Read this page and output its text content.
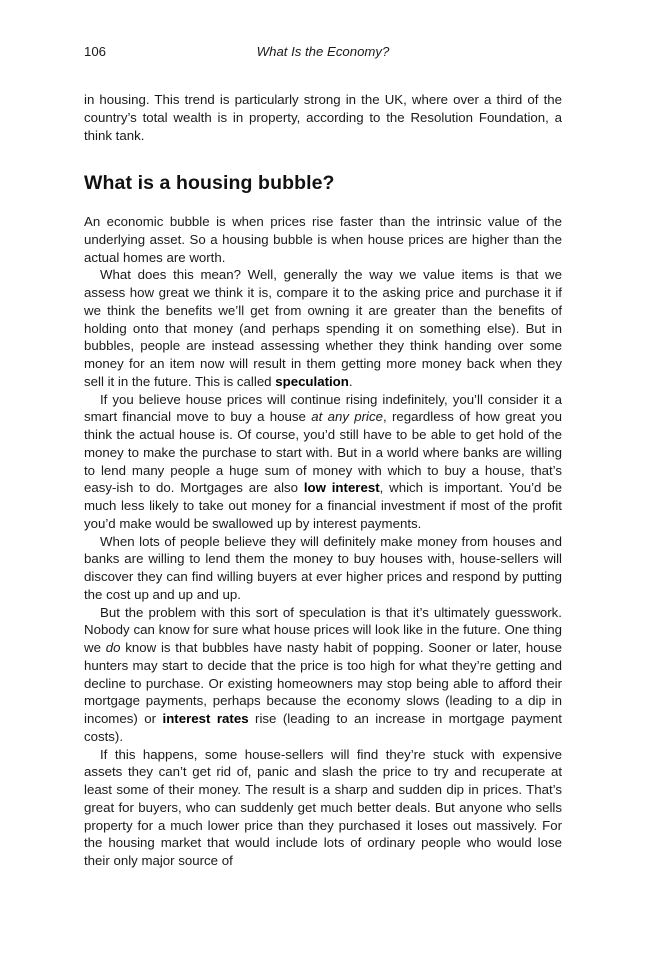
106	What Is the Economy?

in housing. This trend is particularly strong in the UK, where over a third of the country’s total wealth is in property, according to the Resolution Foundation, a think tank.

What is a housing bubble?

An economic bubble is when prices rise faster than the intrinsic value of the underlying asset. So a housing bubble is when house prices are higher than the actual homes are worth.

What does this mean? Well, generally the way we value items is that we assess how great we think it is, compare it to the asking price and purchase it if we think the benefits we’ll get from owning it are greater than the benefits of holding onto that money (and perhaps spending it on something else). But in bubbles, people are instead assessing whether they think handing over some money for an item now will result in them getting more money back when they sell it in the future. This is called speculation.

If you believe house prices will continue rising indefinitely, you’ll consider it a smart financial move to buy a house at any price, regardless of how great you think the actual house is. Of course, you’d still have to be able to get hold of the money to make the purchase to start with. But in a world where banks are willing to lend many people a huge sum of money with which to buy a house, that’s easy-ish to do. Mortgages are also low interest, which is important. You’d be much less likely to take out money for a financial investment if most of the profit you’d make would be swallowed up by interest payments.

When lots of people believe they will definitely make money from houses and banks are willing to lend them the money to buy houses with, house-sellers will discover they can find willing buyers at ever higher prices and respond by putting the cost up and up and up.

But the problem with this sort of speculation is that it’s ultimately guesswork. Nobody can know for sure what house prices will look like in the future. One thing we do know is that bubbles have nasty habit of popping. Sooner or later, house hunters may start to decide that the price is too high for what they’re getting and decline to purchase. Or existing homeowners may stop being able to afford their mortgage payments, perhaps because the economy slows (leading to a dip in incomes) or interest rates rise (leading to an increase in mortgage payment costs).

If this happens, some house-sellers will find they’re stuck with expensive assets they can’t get rid of, panic and slash the price to try and recuperate at least some of their money. The result is a sharp and sudden dip in prices. That’s great for buyers, who can suddenly get much better deals. But anyone who sells property for a much lower price than they purchased it loses out massively. For the housing market that would include lots of ordinary people who would lose their only major source of
